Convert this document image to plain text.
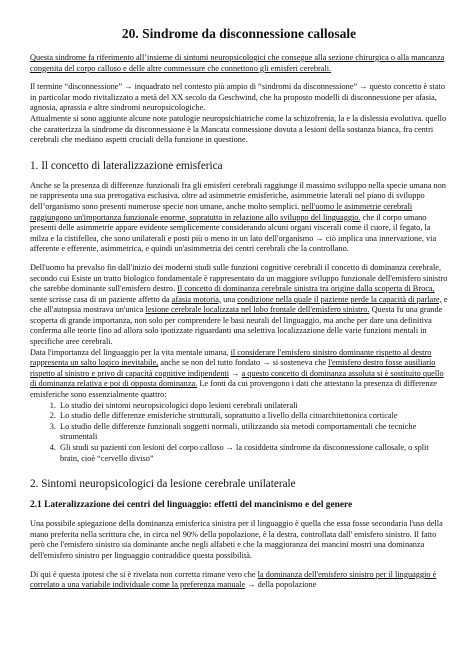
20. Sindrome da disconnessione callosale

Questa sindrome fa riferimento all’insieme di sintomi neuropsicologici che consegue alla sezione chirurgica o alla mancanza congenita del corpo calloso e delle altre commessure che connettono gli emisferi cerebrali.

Il termine “disconnessione” → inquadrato nel contesto più ampio di “sindromi da disconnessione” → questo concetto è stato in particolar modo rivitalizzato a metà del XX secolo da Geschwind, che ha proposto modelli di disconnessione per afasia, agnosia, aprassia e altre sindromi neuropsicologiche.

Attualmente si sono aggiunte alcune note patologie neuropsichiatriche come la schizofrenia, la e la dislessia evolutiva. quello che caratterizza la sindrome da disconnessione è la Mancata connessione dovuta a lesioni della sostanza bianca, fra centri cerebrali che mediano aspetti cruciali della funzione in questione.

1. Il concetto di lateralizzazione emisferica

Anche se la presenza di differenze funzionali fra gli emisferi cerebrali raggiunge il massimo sviluppo nella specie umana non ne rappresenta una sua prerogativa esclusiva. oltre ad asimmetrie emisferiche, asimmetrie laterali nel piano di sviluppo dell’organismo sono presenti numerose specie non umane, anche molto semplici. nell'uomo le asimmetrie cerebrali raggiungono un'importanza funzionale enorme, sopratutto in relazione allo sviluppo del linguaggio. che il corpo umano presenti delle asimmetrie appare evidente semplicemente considerando alcuni organi viscerali come il cuore, il fegato, la milza e la cistifellea, che sono unilaterali e posti più o meno in un lato dell'organismo → ciò implica una innervazione, via afferente e efferente, asimmetrica, e quindi un'asimmetria dei centri cerebrali che la controllano.

Dell'uomo ha prevalso fin dall'inizio dei moderni studi sulle funzioni cognitive cerebrali il concetto di dominanza cerebrale, secondo cui Esiste un tratto biologico fondamentale è rappresentato da un maggiore sviluppo funzionale dell'emisfero sinistro che sarebbe dominante sull'emisfero destro. Il concetto di dominanza cerebrale sinistra tra origine dalla scoperta di Broca, sente scrisse casa di un paziente affetto da afasia motoria, una condizione nella quale il paziente perde la capacità di parlare, e che all'autopsia mostrava un'unica lesione cerebrale localizzata nel lobo frontale dell'emisfero sinistro. Questa fu una grande scoperta di grande importanza, non solo per comprendere le basi neurali del linguaggio, ma anche per dare una definitiva conferma alle teorie fino ad allora solo ipotizzate riguardanti una selettiva localizzazione delle varie funzioni mentali in specifiche aree cerebrali.

Data l'importanza del linguaggio per la vita mentale umana, il considerare l'emisfero sinistro dominante rispetto al destro rappresenta un salto logico inevitabile, anche se non del tutto fondato → si sosteneva che l'emisfero destro fosse ausiliario rispetto al sinistro e privo di capacità cognitive indipendenti → a questo concetto di dominanza assoluta si è sostituito quello di dominanza relativa e poi di opposta dominanza. Le fonti da cui provengono i dati che attestano la presenza di differenze emisferiche sono essenzialmente quattro:

1. Lo studio dei sintomi neuropsicologici dopo lesioni cerebrali unilaterali
2. Lo studio delle differenze emisferiche strutturali, soprattutto a livello della citoarchitettonica corticale
3. Lo studio delle differenze funzionali soggetti normali, utilizzando sia metodi comportamentali che tecniche strumentali
4. Gli studi su pazienti con lesioni del corpo calloso → la cosiddetta sindrome da disconnessione callosale, o split brain, cioè “cervello diviso”
2. Sintomi neuropsicologici da lesione cerebrale unilaterale
2.1 Lateralizzazione dei centri del linguaggio: effetti del mancinismo e del genere

Una possibile spiegazione della dominanza emisferica sinistra per il linguaggio è quella che essa fosse secondaria l'uso della mano preferita nella scrittura che, in circa nel 90% della popolazione, è la destra, controllata dall' emisfero sinistro. Il fatto però che l'emisfero sinistro sia dominante anche negli alfabeti e che la maggioranza dei mancini mostri una dominanza dell'emisfero sinistro per linguaggio contraddice questa possibilità.

Di qui è questa ipotesi che si è rivelata non corretta rimane vero che la dominanza dell'emisfero sinistro per il linguaggio è correlato a una variabile individuale come la preferenza manuale → della popolazione
